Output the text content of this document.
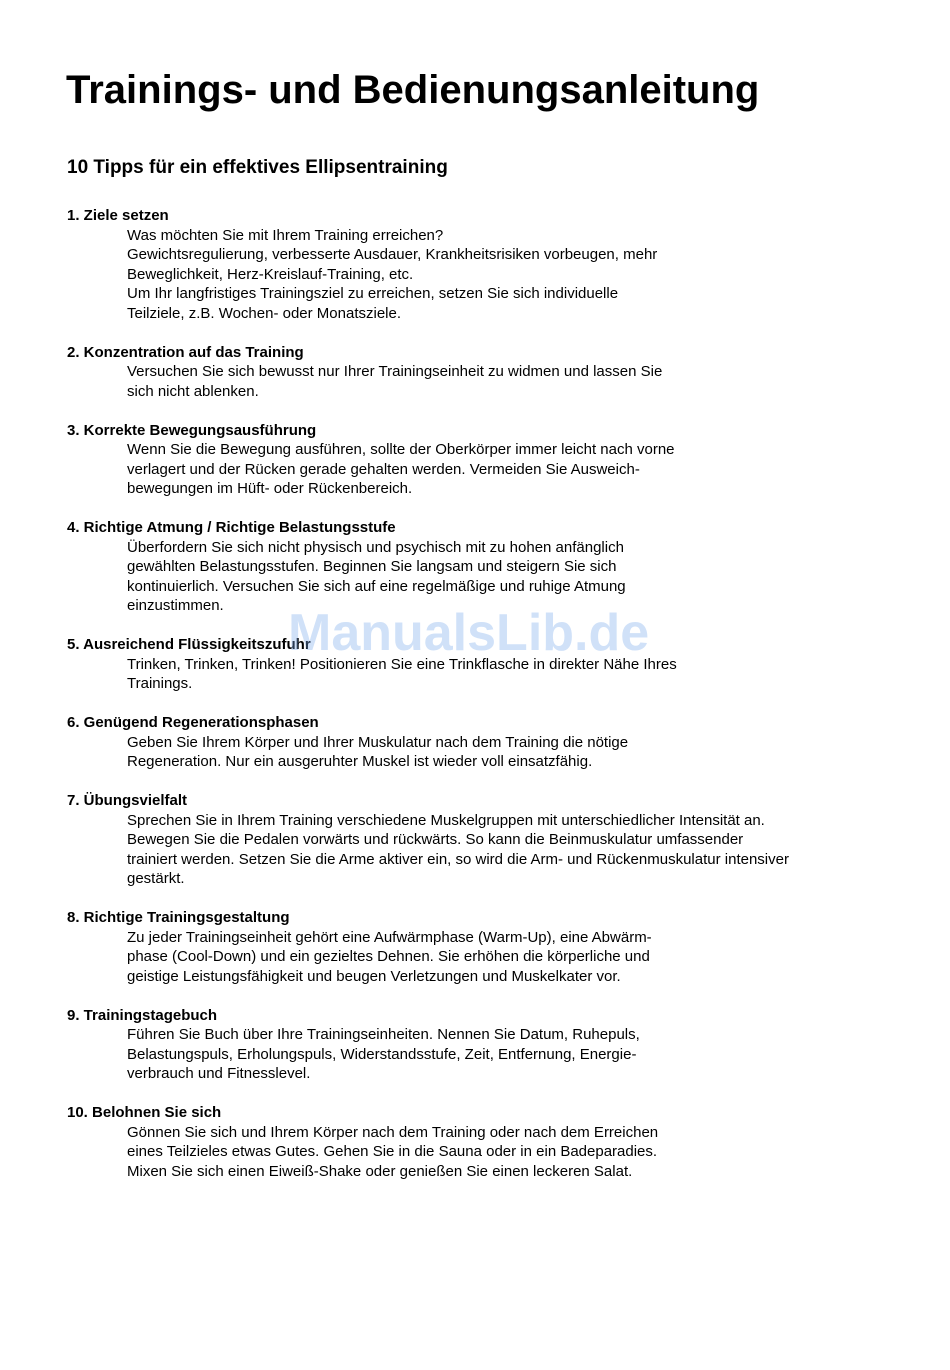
Trainings- und Bedienungsanleitung
10 Tipps für ein effektives Ellipsentraining
1. Ziele setzen
Was möchten Sie mit Ihrem Training erreichen?
Gewichtsregulierung, verbesserte Ausdauer, Krankheitsrisiken vorbeugen, mehr
Beweglichkeit, Herz-Kreislauf-Training, etc.
Um Ihr langfristiges Trainingsziel zu erreichen, setzen Sie sich individuelle
Teilziele, z.B. Wochen- oder Monatsziele.
2. Konzentration auf das Training
Versuchen Sie sich bewusst nur Ihrer Trainingseinheit zu widmen und lassen Sie
sich nicht ablenken.
3. Korrekte Bewegungsausführung
Wenn Sie die Bewegung ausführen, sollte der Oberkörper immer leicht nach vorne
verlagert und der Rücken gerade gehalten werden. Vermeiden Sie Ausweich-
bewegungen im Hüft- oder Rückenbereich.
4. Richtige Atmung / Richtige Belastungsstufe
Überfordern Sie sich nicht physisch und psychisch mit zu hohen anfänglich
gewählten Belastungsstufen. Beginnen Sie langsam und steigern Sie sich
kontinuierlich. Versuchen Sie sich auf eine regelmäßige und ruhige Atmung
einzustimmen.
5. Ausreichend Flüssigkeitszufuhr
Trinken, Trinken, Trinken! Positionieren Sie eine Trinkflasche in direkter Nähe Ihres
Trainings.
6. Genügend Regenerationsphasen
Geben Sie Ihrem Körper und Ihrer Muskulatur nach dem Training die nötige
Regeneration. Nur ein ausgeruhter Muskel ist wieder voll einsatzfähig.
7. Übungsvielfalt
Sprechen Sie in Ihrem Training verschiedene Muskelgruppen mit unterschiedlicher Intensität an.
Bewegen Sie die Pedalen vorwärts und rückwärts. So kann die Beinmuskulatur umfassender
trainiert werden. Setzen Sie die Arme aktiver ein, so wird die Arm- und Rückenmuskulatur intensiver
gestärkt.
8. Richtige Trainingsgestaltung
Zu jeder Trainingseinheit gehört eine Aufwärmphase (Warm-Up), eine Abwärm-
phase (Cool-Down) und ein gezieltes Dehnen. Sie erhöhen die körperliche und
geistige Leistungsfähigkeit und beugen Verletzungen und Muskelkater vor.
9. Trainingstagebuch
Führen Sie Buch über Ihre Trainingseinheiten. Nennen Sie Datum, Ruhepuls,
Belastungspuls, Erholungspuls, Widerstandsstufe, Zeit, Entfernung, Energie-
verbrauch und Fitnesslevel.
10. Belohnen Sie sich
Gönnen Sie sich und Ihrem Körper nach dem Training oder nach dem Erreichen
eines Teilzieles etwas Gutes. Gehen Sie in die Sauna oder in ein Badeparadies.
Mixen Sie sich einen Eiweiß-Shake oder genießen Sie einen leckeren Salat.
ManualsLib.de
